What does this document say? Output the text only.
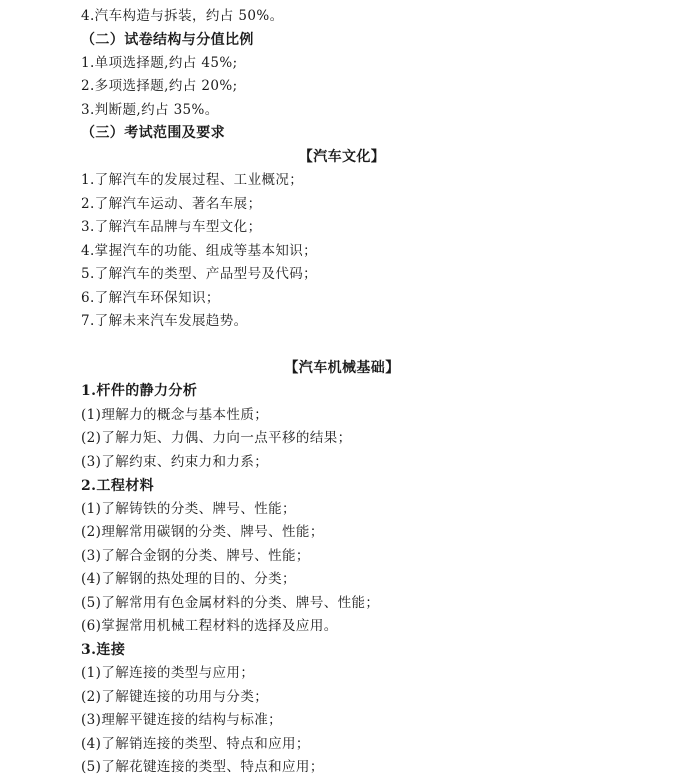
4.汽车构造与拆装，约占 50%。
（二）试卷结构与分值比例
1.单项选择题,约占 45%;
2.多项选择题,约占 20%;
3.判断题,约占 35%。
（三）考试范围及要求
【汽车文化】
1.了解汽车的发展过程、工业概况；
2.了解汽车运动、著名车展；
3.了解汽车品牌与车型文化；
4.掌握汽车的功能、组成等基本知识；
5.了解汽车的类型、产品型号及代码；
6.了解汽车环保知识；
7.了解未来汽车发展趋势。
【汽车机械基础】
1.杆件的静力分析
(1)理解力的概念与基本性质；
(2)了解力矩、力偶、力向一点平移的结果；
(3)了解约束、约束力和力系；
2.工程材料
(1)了解铸铁的分类、牌号、性能；
(2)理解常用碳钢的分类、牌号、性能；
(3)了解合金钢的分类、牌号、性能；
(4)了解钢的热处理的目的、分类；
(5)了解常用有色金属材料的分类、牌号、性能；
(6)掌握常用机械工程材料的选择及应用。
3.连接
(1)了解连接的类型与应用；
(2)了解键连接的功用与分类；
(3)理解平键连接的结构与标准；
(4)了解销连接的类型、特点和应用；
(5)了解花键连接的类型、特点和应用；
